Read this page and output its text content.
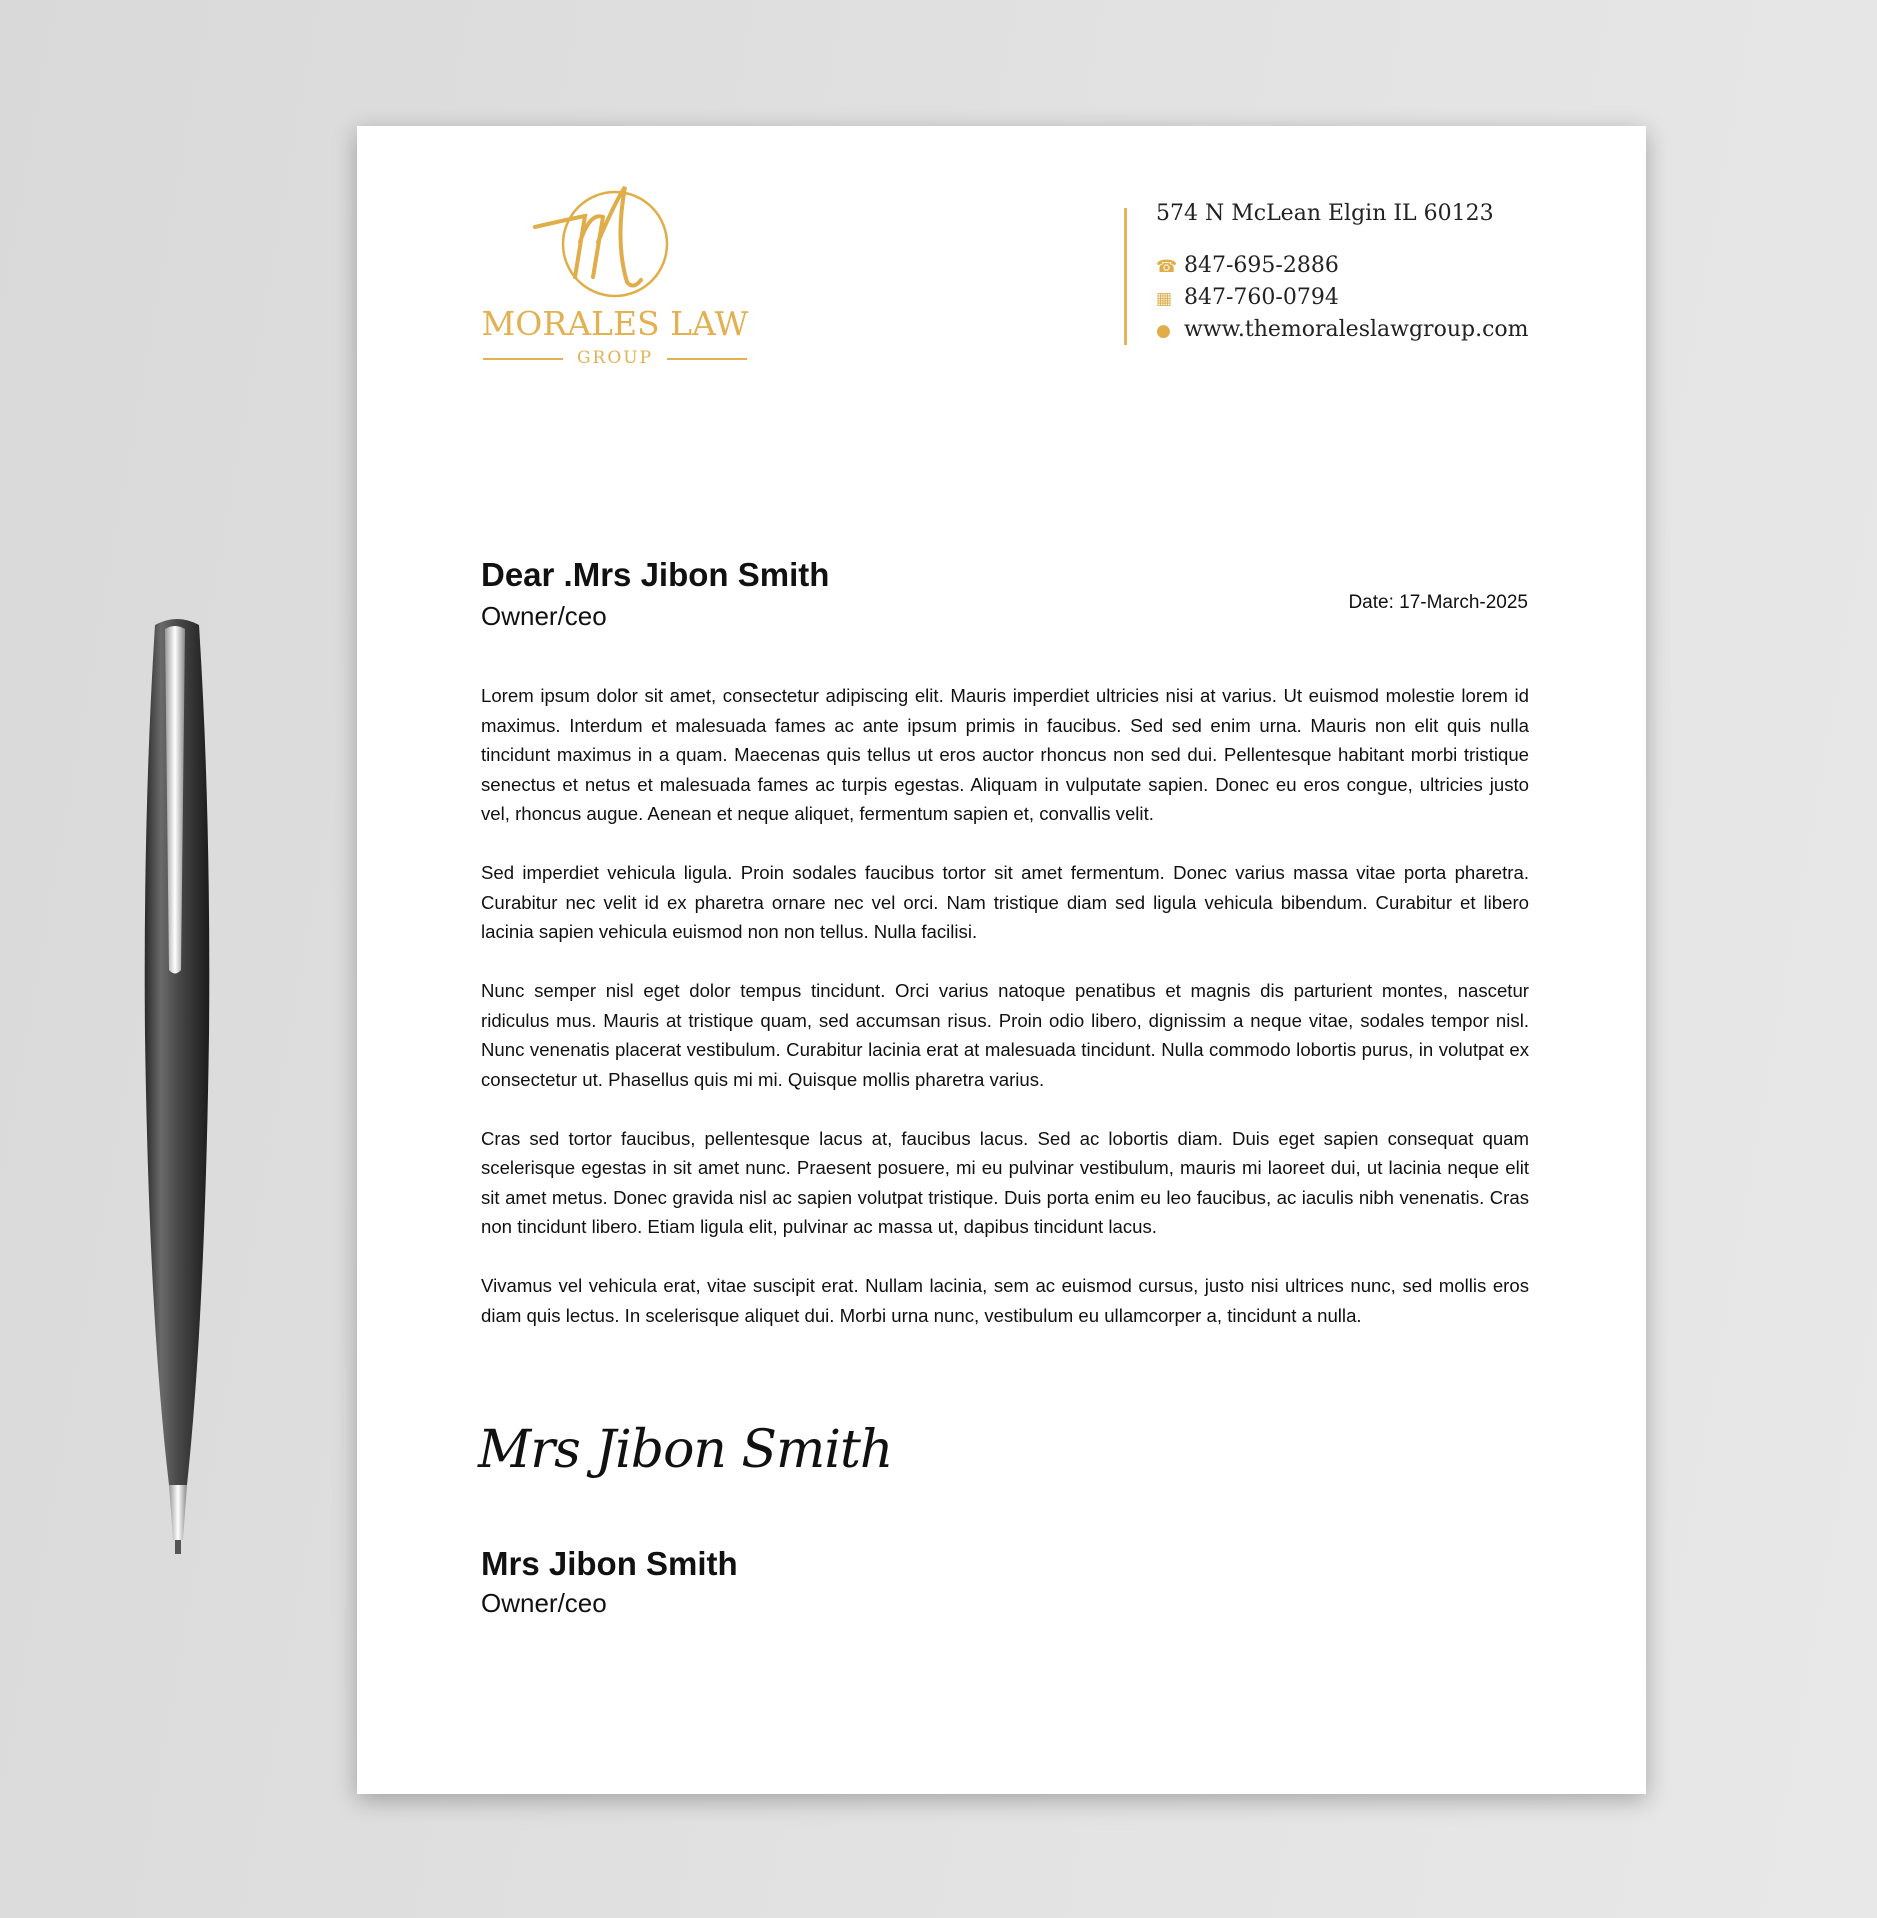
MORALES LAW
GROUP
574 N McLean Elgin IL 60123
☎ 847-695-2886
▦ 847-760-0794
● www.themoraleslawgroup.com
Dear .Mrs Jibon Smith
Owner/ceo	Date: 17-March-2025

Lorem ipsum dolor sit amet, consectetur adipiscing elit. Mauris imperdiet ultricies nisi at varius. Ut euismod molestie lorem id maximus. Interdum et malesuada fames ac ante ipsum primis in faucibus. Sed sed enim urna. Mauris non elit quis nulla tincidunt maximus in a quam. Maecenas quis tellus ut eros auctor rhoncus non sed dui. Pellentesque habitant morbi tristique senectus et netus et malesuada fames ac turpis egestas. Aliquam in vulputate sapien. Donec eu eros congue, ultricies justo vel, rhoncus augue. Aenean et neque aliquet, fermentum sapien et, convallis velit.

Sed imperdiet vehicula ligula. Proin sodales faucibus tortor sit amet fermentum. Donec varius massa vitae porta pharetra. Curabitur nec velit id ex pharetra ornare nec vel orci. Nam tristique diam sed ligula vehicula bibendum. Curabitur et libero lacinia sapien vehicula euismod non non tellus. Nulla facilisi.

Nunc semper nisl eget dolor tempus tincidunt. Orci varius natoque penatibus et magnis dis parturient montes, nascetur ridiculus mus. Mauris at tristique quam, sed accumsan risus. Proin odio libero, dignissim a neque vitae, sodales tempor nisl. Nunc venenatis placerat vestibulum. Curabitur lacinia erat at malesuada tincidunt. Nulla commodo lobortis purus, in volutpat ex consectetur ut. Phasellus quis mi mi. Quisque mollis pharetra varius.

Cras sed tortor faucibus, pellentesque lacus at, faucibus lacus. Sed ac lobortis diam. Duis eget sapien consequat quam scelerisque egestas in sit amet nunc. Praesent posuere, mi eu pulvinar vestibulum, mauris mi laoreet dui, ut lacinia neque elit sit amet metus. Donec gravida nisl ac sapien volutpat tristique. Duis porta enim eu leo faucibus, ac iaculis nibh venenatis. Cras non tincidunt libero. Etiam ligula elit, pulvinar ac massa ut, dapibus tincidunt lacus.

Vivamus vel vehicula erat, vitae suscipit erat. Nullam lacinia, sem ac euismod cursus, justo nisi ultrices nunc, sed mollis eros diam quis lectus. In scelerisque aliquet dui. Morbi urna nunc, vestibulum eu ullamcorper a, tincidunt a nulla.

Mrs Jibon Smith
Mrs Jibon Smith
Owner/ceo
